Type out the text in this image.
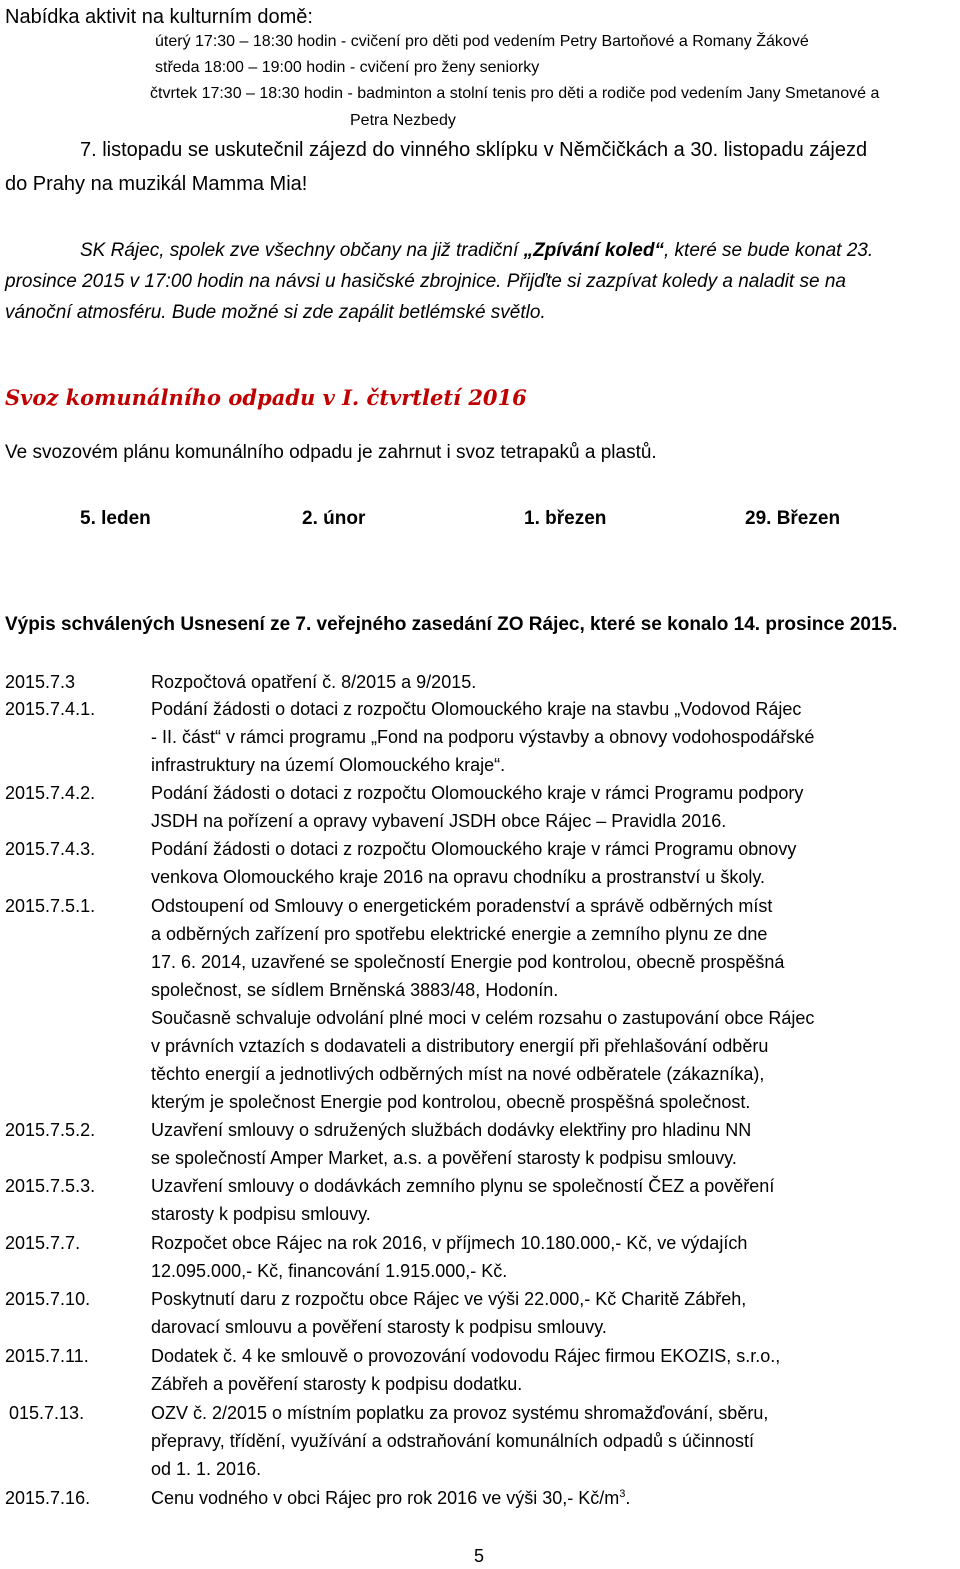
Nabídka aktivit na kulturním domě:
úterý 17:30 – 18:30 hodin - cvičení pro děti pod vedením Petry Bartoňové a Romany Žákové
středa 18:00 – 19:00 hodin - cvičení pro ženy seniorky
čtvrtek 17:30 – 18:30 hodin - badminton a stolní tenis pro děti a rodiče pod vedením Jany Smetanové a
Petra Nezbedy
7. listopadu se uskutečnil zájezd do vinného sklípku v Němčičkách a 30. listopadu zájezd
do Prahy na muzikál Mamma Mia!
SK Rájec, spolek zve všechny občany na již tradiční „Zpívání koled“, které se bude konat 23.
prosince 2015 v 17:00 hodin na návsi u hasičské zbrojnice. Přijďte si zazpívat koledy a naladit se na
vánoční atmosféru. Bude možné si zde zapálit betlémské světlo.
Svoz komunálního odpadu v I. čtvrtletí 2016
Ve svozovém plánu komunálního odpadu je zahrnut i svoz tetrapaků a plastů.
5. leden	2. únor	1. březen	29. Březen
Výpis schválených Usnesení ze 7. veřejného zasedání ZO Rájec, které se konalo 14. prosince 2015.
2015.7.3	Rozpočtová opatření č. 8/2015 a 9/2015.
2015.7.4.1.	Podání žádosti o dotaci z rozpočtu Olomouckého kraje na stavbu „Vodovod Rájec
- II. část“ v rámci programu „Fond na podporu výstavby a obnovy vodohospodářské
infrastruktury na území Olomouckého kraje“.
2015.7.4.2.	Podání žádosti o dotaci z rozpočtu Olomouckého kraje v rámci Programu podpory
JSDH na pořízení a opravy vybavení JSDH obce Rájec – Pravidla 2016.
2015.7.4.3.	Podání žádosti o dotaci z rozpočtu Olomouckého kraje v rámci Programu obnovy
venkova Olomouckého kraje 2016 na opravu chodníku a prostranství u školy.
2015.7.5.1.	Odstoupení od Smlouvy o energetickém poradenství a správě odběrných míst
a odběrných zařízení pro spotřebu elektrické energie a zemního plynu ze dne
17. 6. 2014, uzavřené se společností Energie pod kontrolou, obecně prospěšná
společnost, se sídlem Brněnská 3883/48, Hodonín.
Současně schvaluje odvolání plné moci v celém rozsahu o zastupování obce Rájec
v právních vztazích s dodavateli a distributory energií při přehlašování odběru
těchto energií a jednotlivých odběrných míst na nové odběratele (zákazníka),
kterým je společnost Energie pod kontrolou, obecně prospěšná společnost.
2015.7.5.2.	Uzavření smlouvy o sdružených službách dodávky elektřiny pro hladinu NN
se společností Amper Market, a.s. a pověření starosty k podpisu smlouvy.
2015.7.5.3.	Uzavření smlouvy o dodávkách zemního plynu se společností ČEZ a pověření
starosty k podpisu smlouvy.
2015.7.7.	Rozpočet obce Rájec na rok 2016, v příjmech 10.180.000,- Kč, ve výdajích
12.095.000,- Kč, financování 1.915.000,- Kč.
2015.7.10.	Poskytnutí daru z rozpočtu obce Rájec ve výši 22.000,- Kč Charitě Zábřeh,
darovací smlouvu a pověření starosty k podpisu smlouvy.
2015.7.11.	Dodatek č. 4 ke smlouvě o provozování vodovodu Rájec firmou EKOZIS, s.r.o.,
Zábřeh a pověření starosty k podpisu dodatku.
015.7.13.	OZV č. 2/2015 o místním poplatku za provoz systému shromažďování, sběru,
přepravy, třídění, využívání a odstraňování komunálních odpadů s účinností
od 1. 1. 2016.
2015.7.16.	Cenu vodného v obci Rájec pro rok 2016 ve výši 30,- $Kč/m^3$.
5
